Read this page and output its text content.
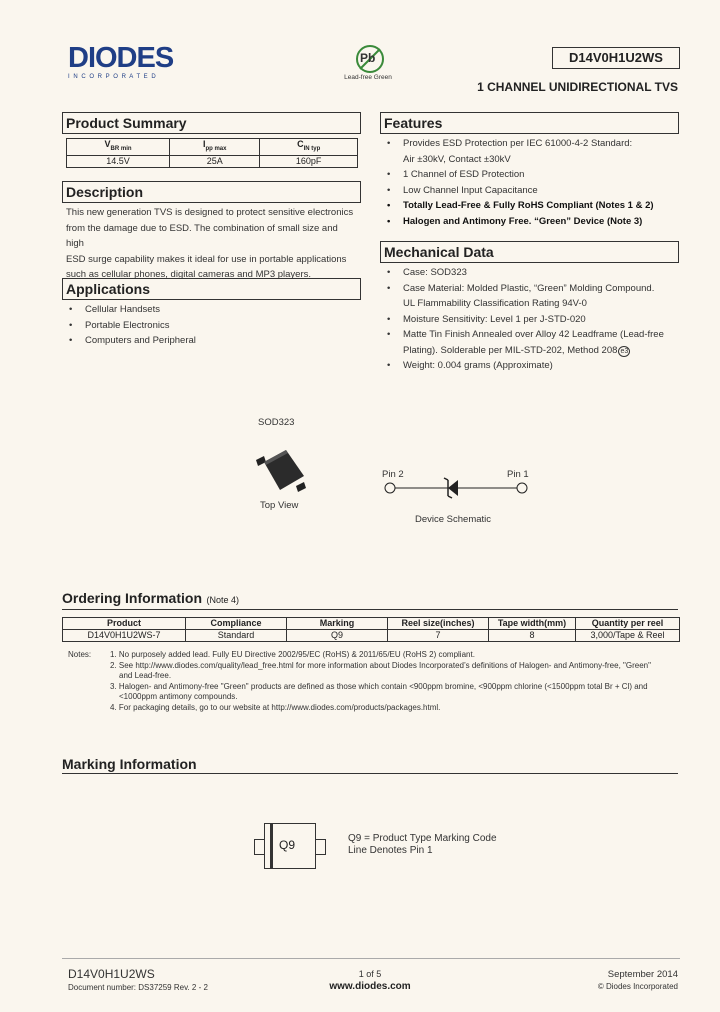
DIODES
I N C O R P O R A T E D
Pb
Lead-free Green
D14V0H1U2WS
1 CHANNEL UNIDIRECTIONAL TVS
Product Summary
$V_{BR min}$	$I_{pp max}$	$C_{IN typ}$
14.5V	25A	160pF
Description
This new generation TVS is designed to protect sensitive electronics
from the damage due to ESD. The combination of small size and high
ESD surge capability makes it ideal for use in portable applications
such as cellular phones, digital cameras and MP3 players.
Applications
• Cellular Handsets
• Portable Electronics
• Computers and Peripheral
Features
• Provides ESD Protection per IEC 61000-4-2 Standard:
Air ±30kV, Contact ±30kV
• 1 Channel of ESD Protection
• Low Channel Input Capacitance
• Totally Lead-Free & Fully RoHS Compliant (Notes 1 & 2)
• Halogen and Antimony Free. “Green” Device (Note 3)
Mechanical Data
• Case: SOD323
• Case Material: Molded Plastic, “Green” Molding Compound.
UL Flammability Classification Rating 94V-0
• Moisture Sensitivity: Level 1 per J-STD-020
• Matte Tin Finish Annealed over Alloy 42 Leadframe (Lead-free
Plating). Solderable per MIL-STD-202, Method 208 e3
• Weight: 0.004 grams (Approximate)
SOD323
Top View
Pin 2	Pin 1
Device Schematic
Ordering Information (Note 4)
Product	Compliance	Marking	Reel size(inches)	Tape width(mm)	Quantity per reel
D14V0H1U2WS-7	Standard	Q9	7	8	3,000/Tape & Reel
Notes: 1. No purposely added lead. Fully EU Directive 2002/95/EC (RoHS) & 2011/65/EU (RoHS 2) compliant.
2. See http://www.diodes.com/quality/lead_free.html for more information about Diodes Incorporated’s definitions of Halogen- and Antimony-free, "Green"
and Lead-free.
3. Halogen- and Antimony-free "Green" products are defined as those which contain <900ppm bromine, <900ppm chlorine (<1500ppm total Br + Cl) and
<1000ppm antimony compounds.
4. For packaging details, go to our website at http://www.diodes.com/products/packages.html.
Marking Information
Q9	Q9 = Product Type Marking Code
Line Denotes Pin 1
D14V0H1U2WS
Document number: DS37259 Rev. 2 - 2
1 of 5
www.diodes.com
September 2014
© Diodes Incorporated
